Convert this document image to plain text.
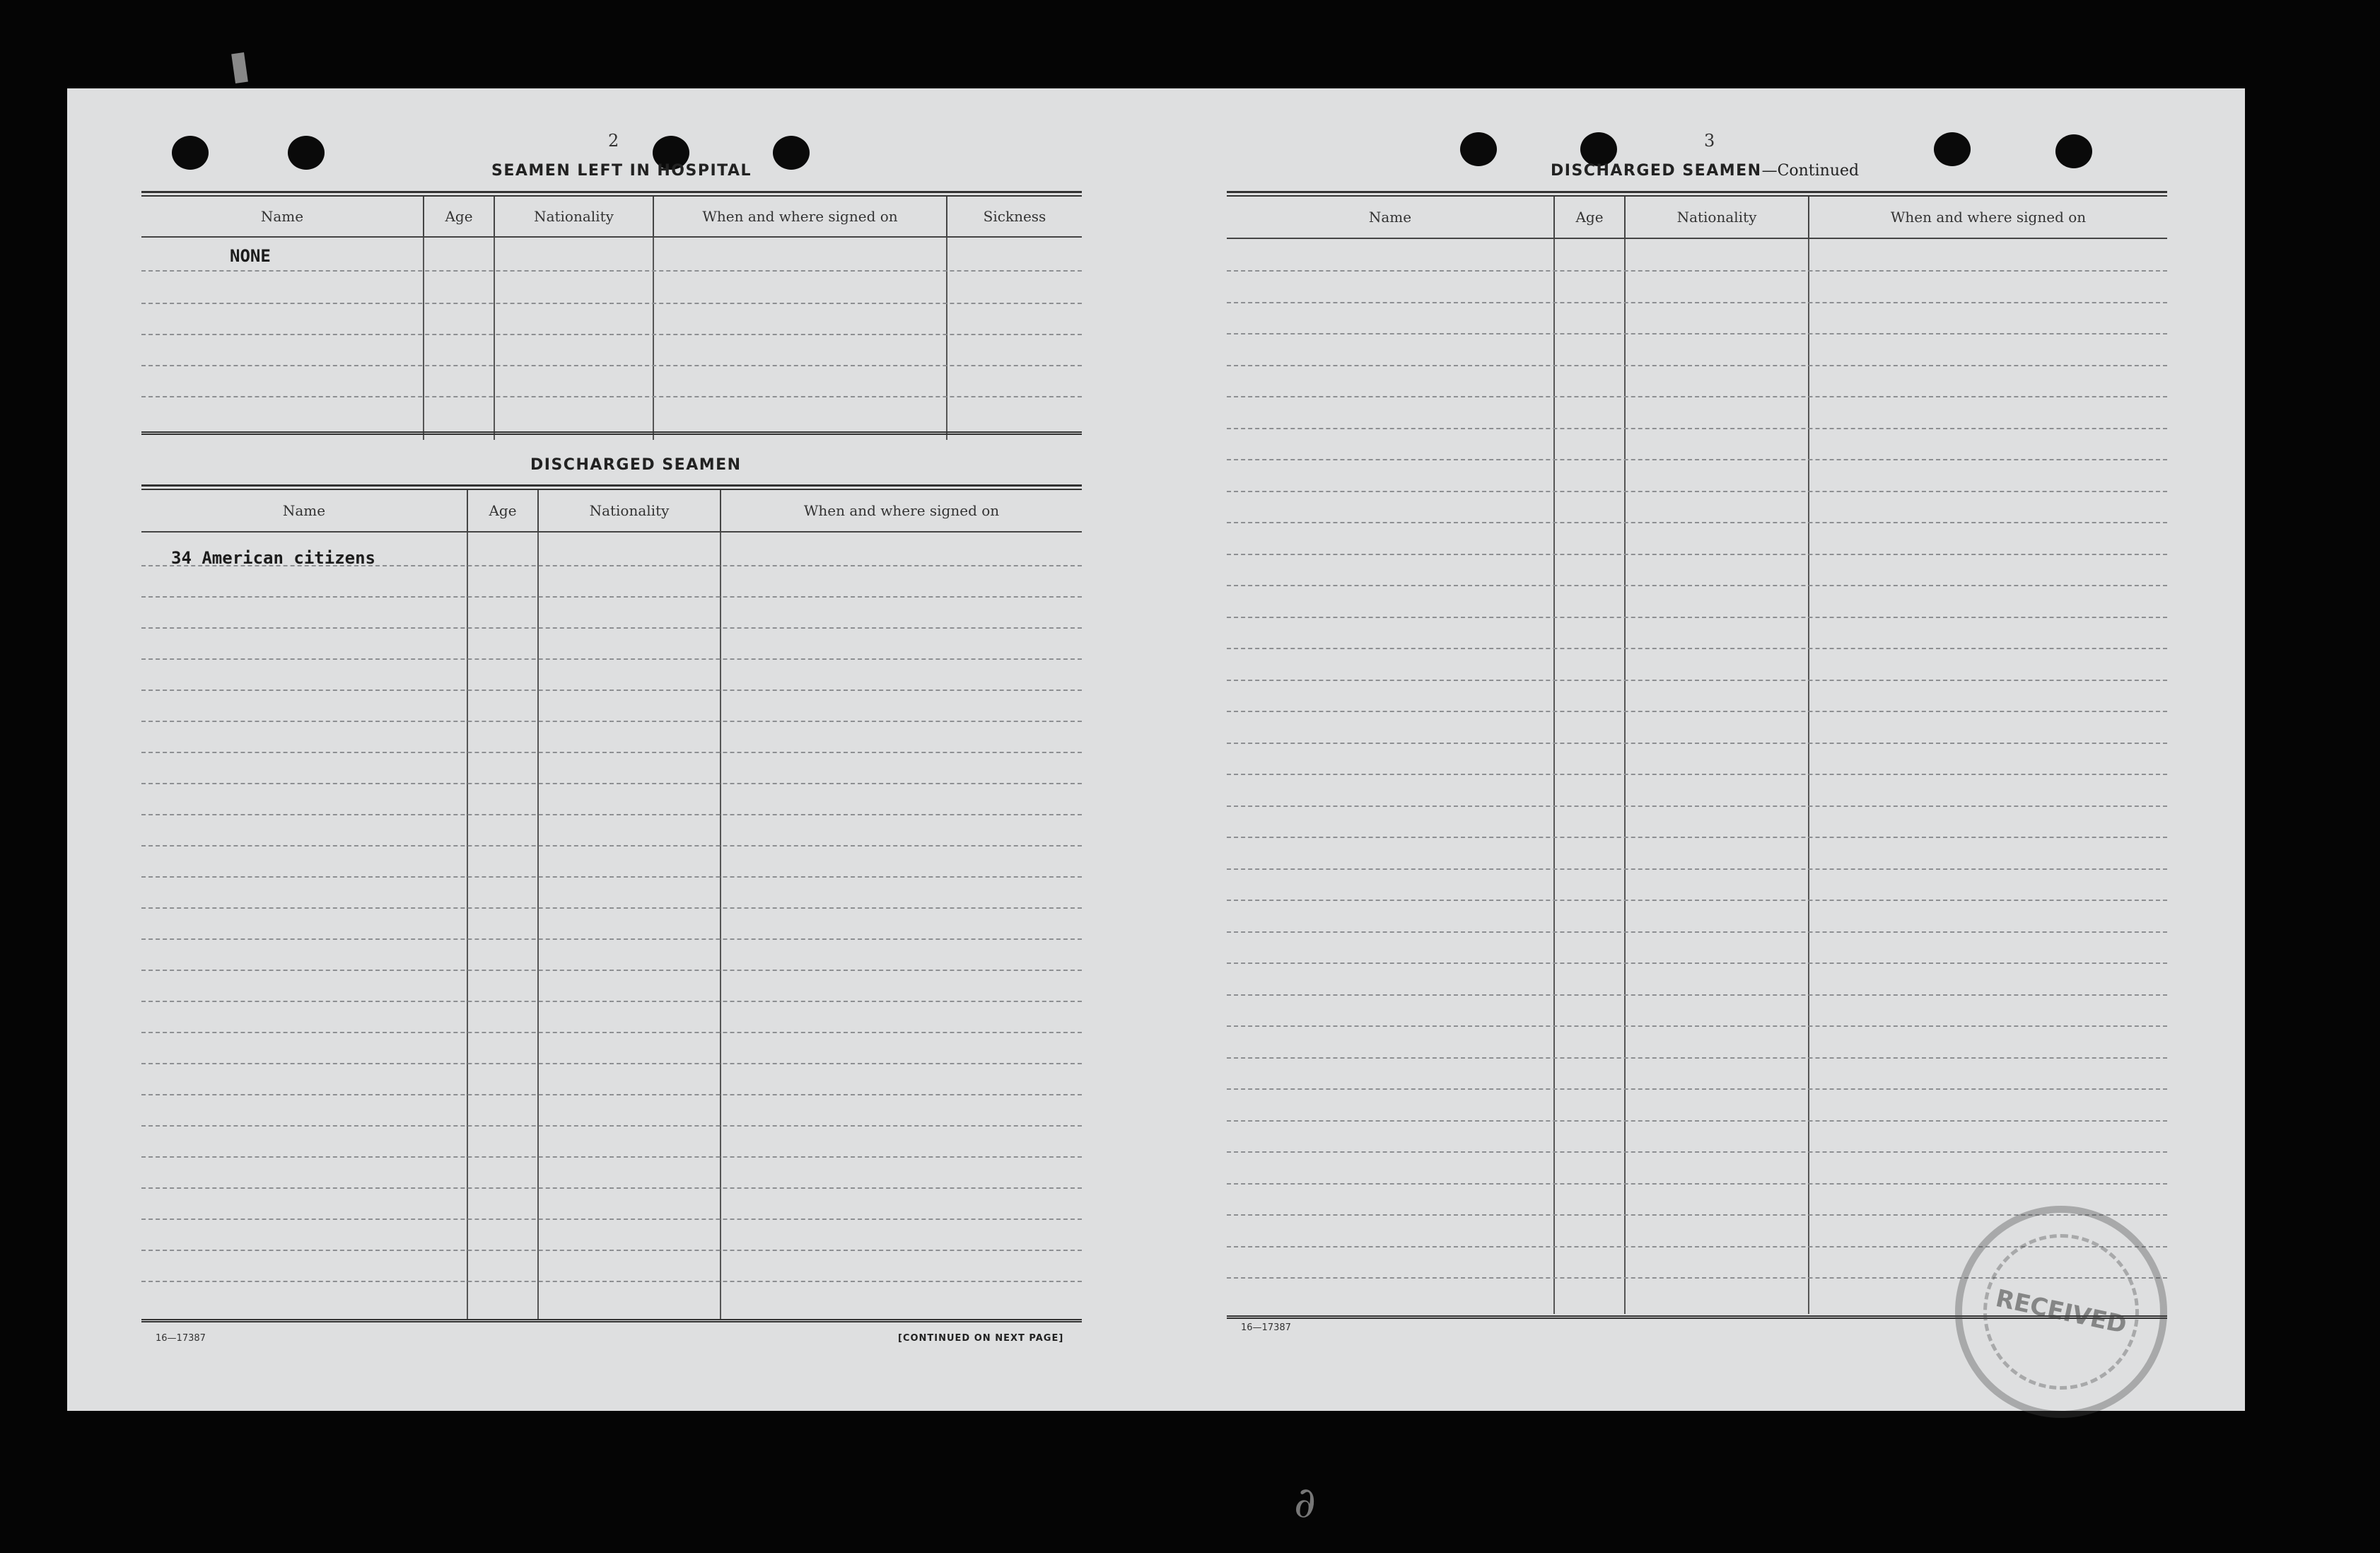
2
SEAMEN LEFT IN HOSPITAL
Name	Age	Nationality	When and where signed on	Sickness
NONE
DISCHARGED SEAMEN
Name	Age	Nationality	When and where signed on
34 American citizens
16—17387	[CONTINUED ON NEXT PAGE]
3
DISCHARGED SEAMEN—Continued
Name	Age	Nationality	When and where signed on
16—17387	RECEIVED
∂
